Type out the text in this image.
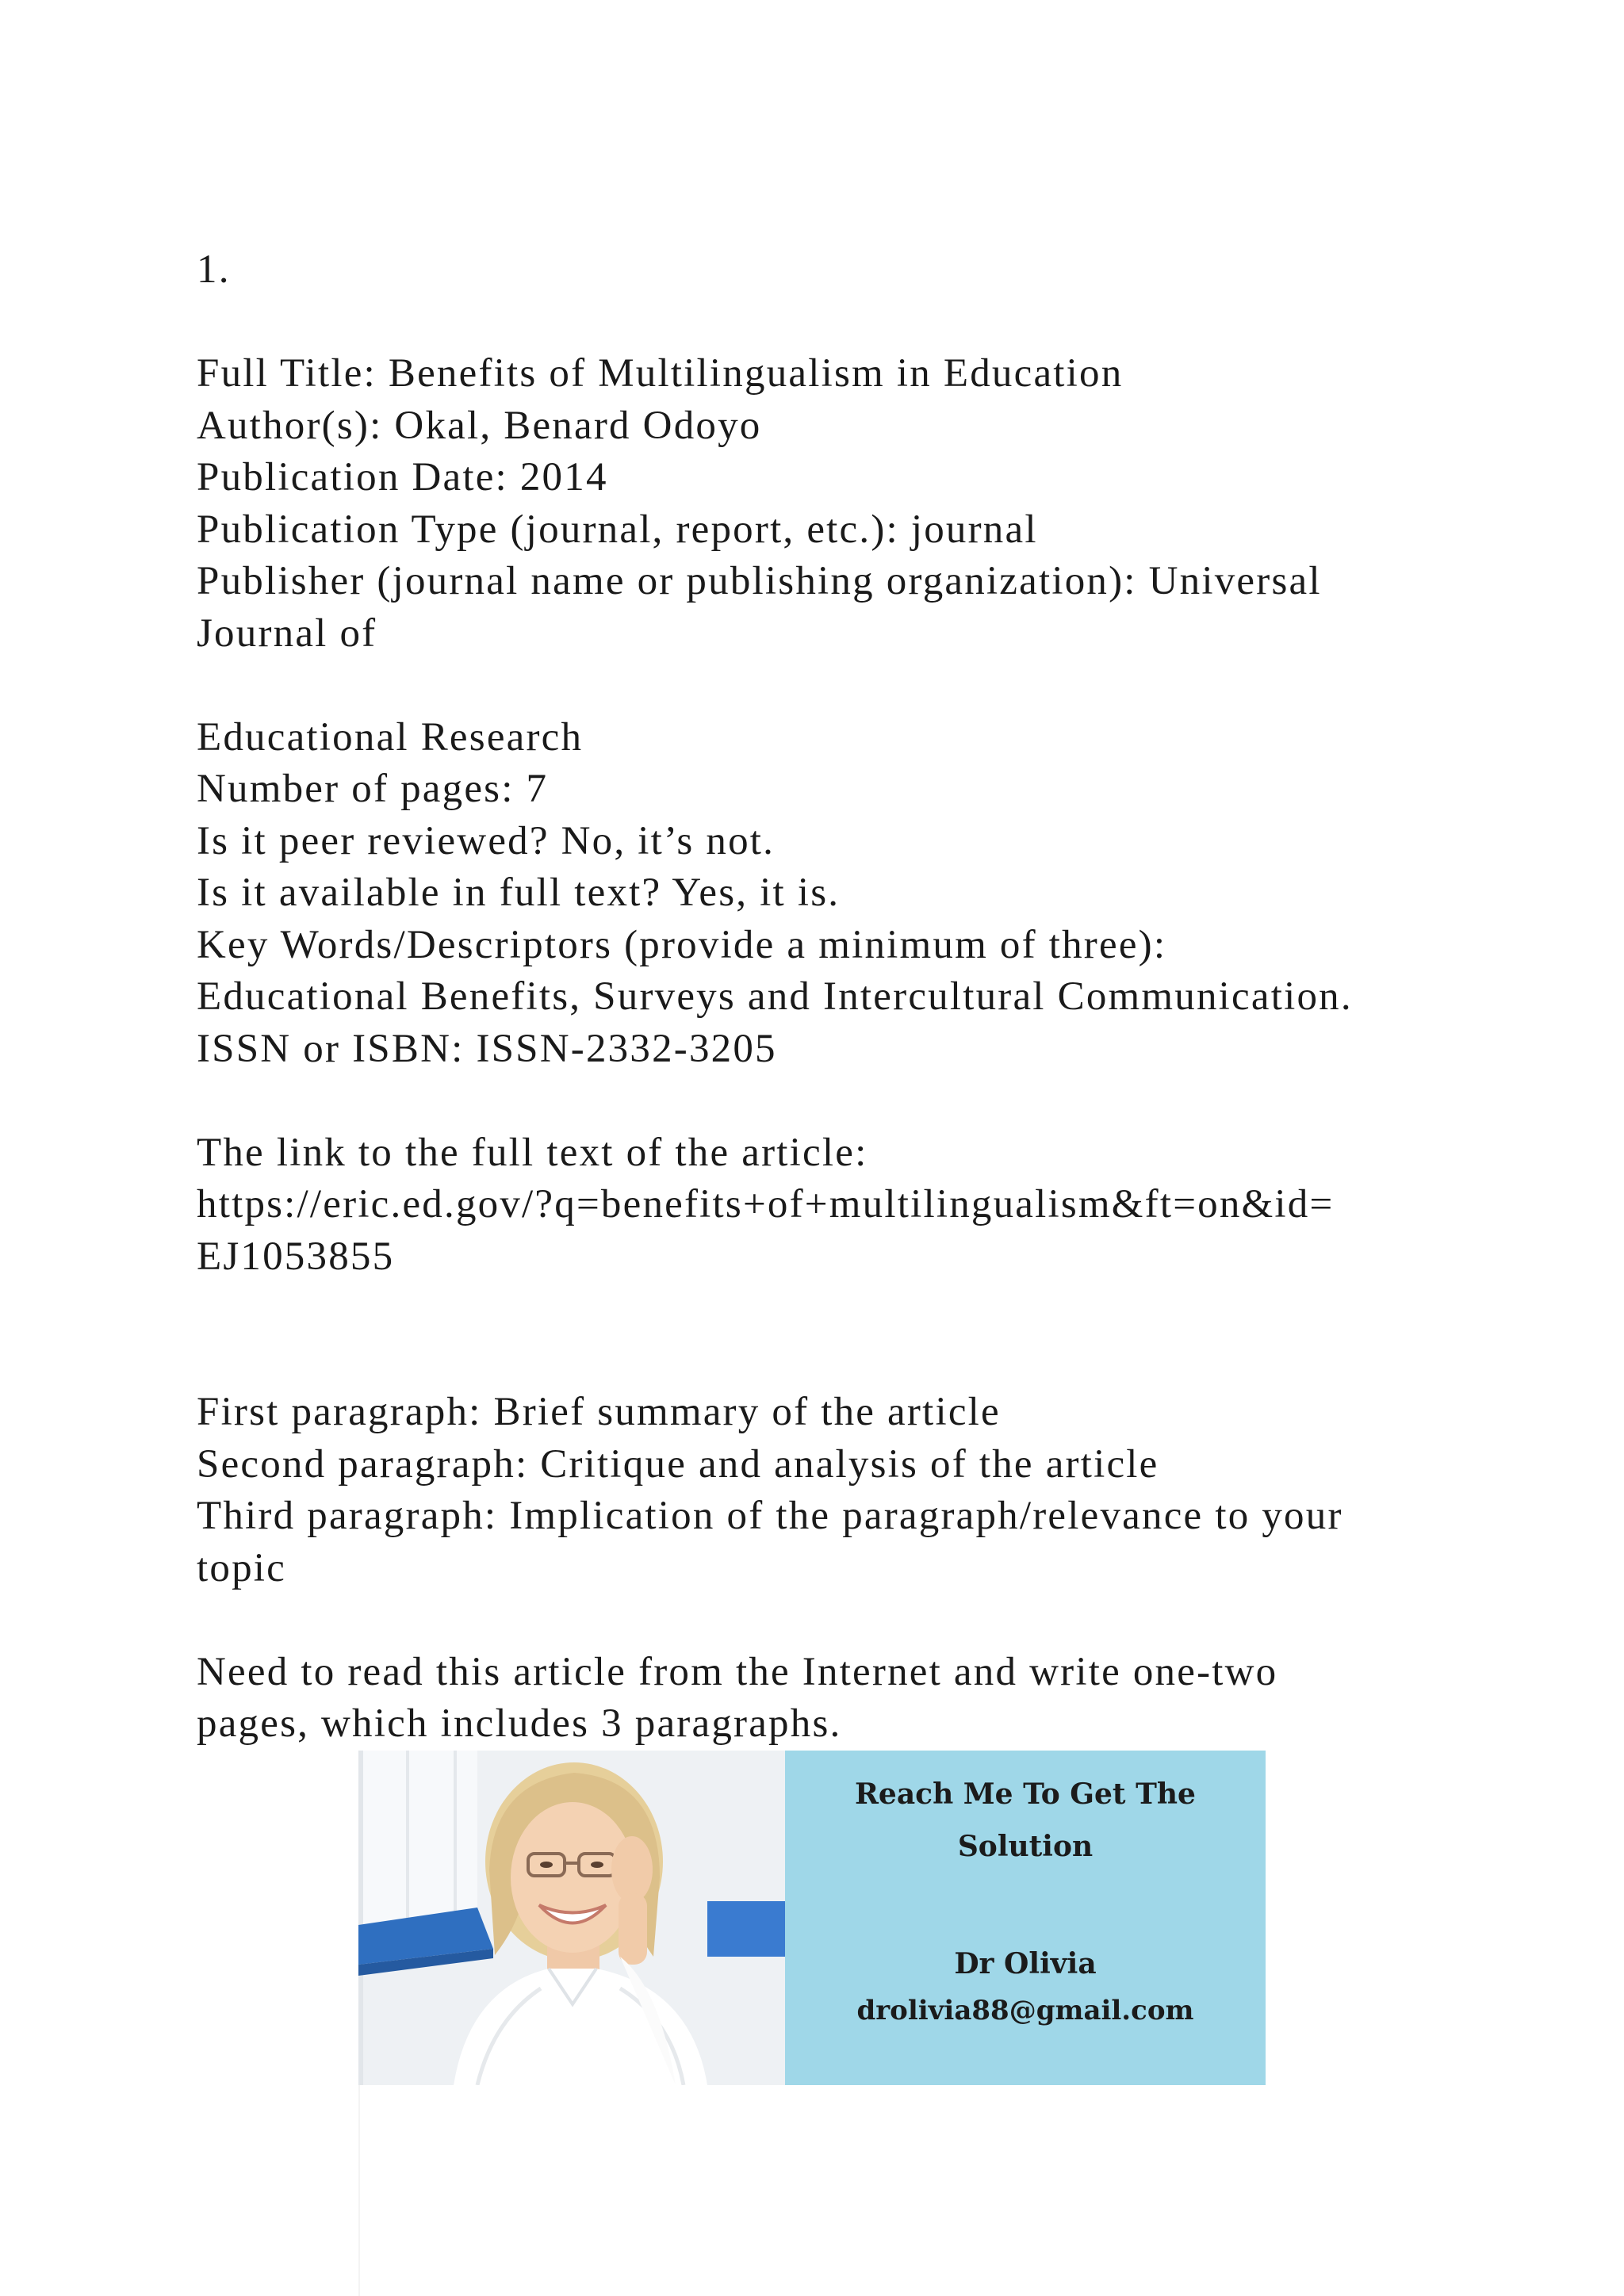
1.
Full Title: Benefits of Multilingualism in Education
Author(s): Okal, Benard Odoyo
Publication Date: 2014
Publication Type (journal, report, etc.): journal
Publisher (journal name or publishing organization): Universal
Journal of
Educational Research
Number of pages: 7
Is it peer reviewed? No, it’s not.
Is it available in full text? Yes, it is.
Key Words/Descriptors (provide a minimum of three):
Educational Benefits, Surveys and Intercultural Communication.
ISSN or ISBN: ISSN-2332-3205
The link to the full text of the article:
https://eric.ed.gov/?q=benefits+of+multilingualism&ft=on&id=
EJ1053855
First paragraph: Brief summary of the article
Second paragraph: Critique and analysis of the article
Third paragraph: Implication of the paragraph/relevance to your
topic
Need to read this article from the Internet and write one-two
pages, which includes 3 paragraphs.
Reach Me To Get The
Solution
Dr Olivia
drolivia88@gmail.com
